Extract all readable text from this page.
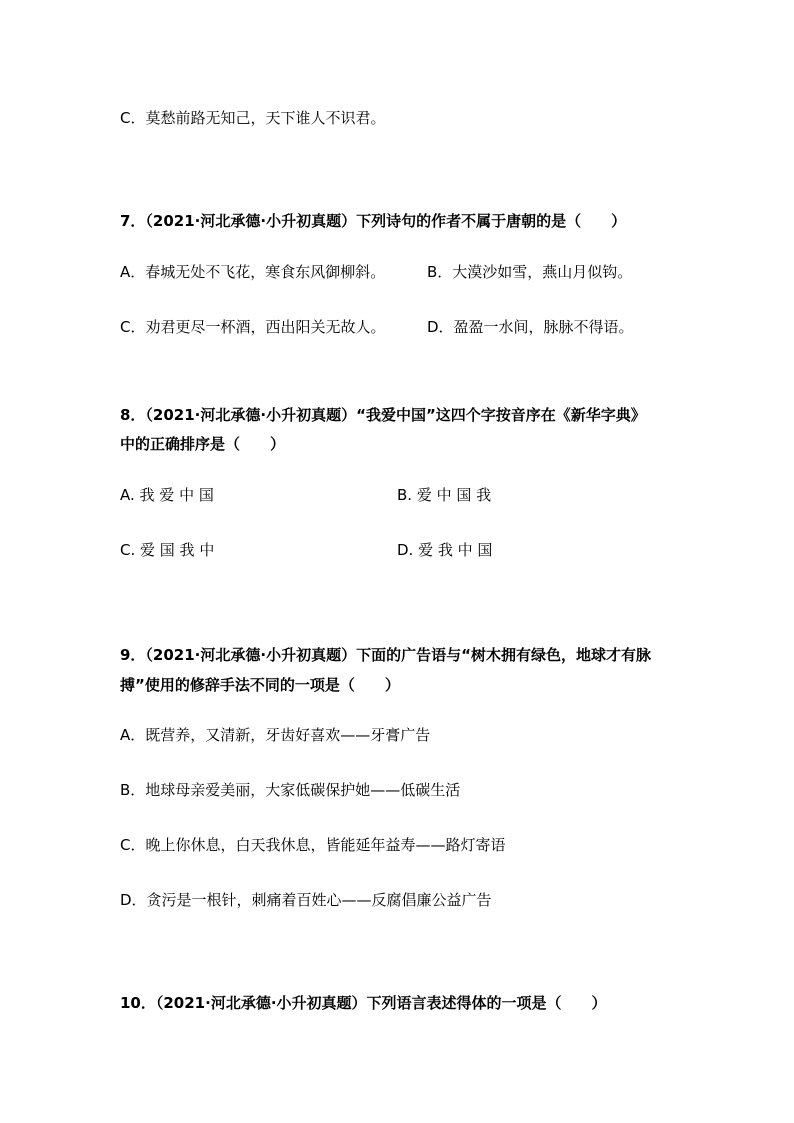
C．莫愁前路无知己，天下谁人不识君。
7．（2021·河北承德·小升初真题）下列诗句的作者不属于唐朝的是（　　）
A．春城无处不飞花，寒食东风御柳斜。	B．大漠沙如雪，燕山月似钩。
C．劝君更尽一杯酒，西出阳关无故人。	D．盈盈一水间，脉脉不得语。
8．（2021·河北承德·小升初真题）“我爱中国”这四个字按音序在《新华字典》
中的正确排序是（　　）
A. 我 爱 中 国	B. 爱 中 国 我
C. 爱 国 我 中	D. 爱 我 中 国
9．（2021·河北承德·小升初真题）下面的广告语与“树木拥有绿色，地球才有脉
搏”使用的修辞手法不同的一项是（　　）
A．既营养，又清新，牙齿好喜欢——牙膏广告
B．地球母亲爱美丽，大家低碳保护她——低碳生活
C．晚上你休息，白天我休息，皆能延年益寿——路灯寄语
D．贪污是一根针，刺痛着百姓心——反腐倡廉公益广告
10．（2021·河北承德·小升初真题）下列语言表述得体的一项是（　　）
